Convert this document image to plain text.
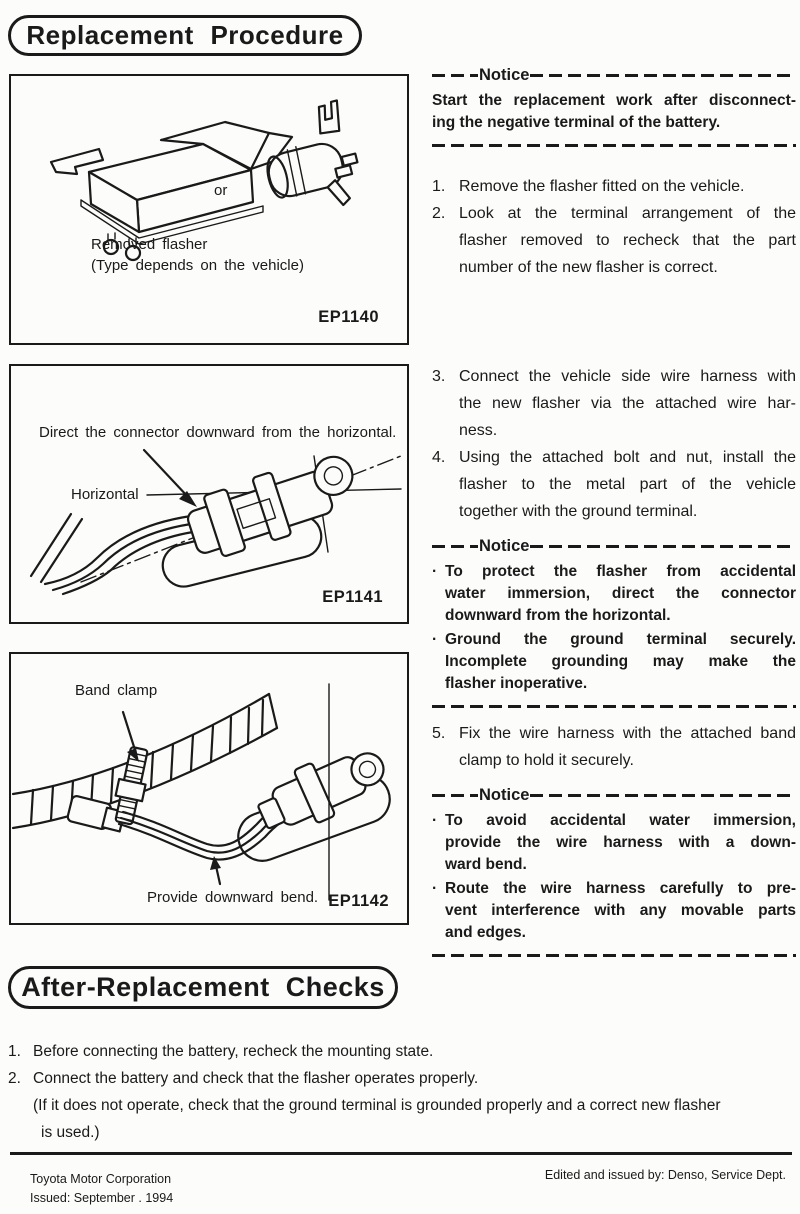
Replacement Procedure
or
Removed flasher
(Type depends on the vehicle)
EP1140
Direct the connector downward from the horizontal.
Horizontal
EP1141
Band clamp
Provide downward bend. EP1142
Notice
Start the replacement work after disconnect-
ing the negative terminal of the battery.
1. Remove the flasher fitted on the vehicle.
2. Look at the terminal arrangement of the
flasher removed to recheck that the part
number of the new flasher is correct.
3. Connect the vehicle side wire harness with
the new flasher via the attached wire har-
ness.
4. Using the attached bolt and nut, install the
flasher to the metal part of the vehicle
together with the ground terminal.
Notice
· To protect the flasher from accidental
water immersion, direct the connector
downward from the horizontal.
· Ground the ground terminal securely.
Incomplete grounding may make the
flasher inoperative.
5. Fix the wire harness with the attached band
clamp to hold it securely.
Notice
· To avoid accidental water immersion,
provide the wire harness with a down-
ward bend.
· Route the wire harness carefully to pre-
vent interference with any movable parts
and edges.
After-Replacement Checks
1. Before connecting the battery, recheck the mounting state.
2. Connect the battery and check that the flasher operates properly.
(If it does not operate, check that the ground terminal is grounded properly and a correct new flasher
is used.)
Toyota Motor Corporation
Issued: September . 1994
Edited and issued by: Denso, Service Dept.
